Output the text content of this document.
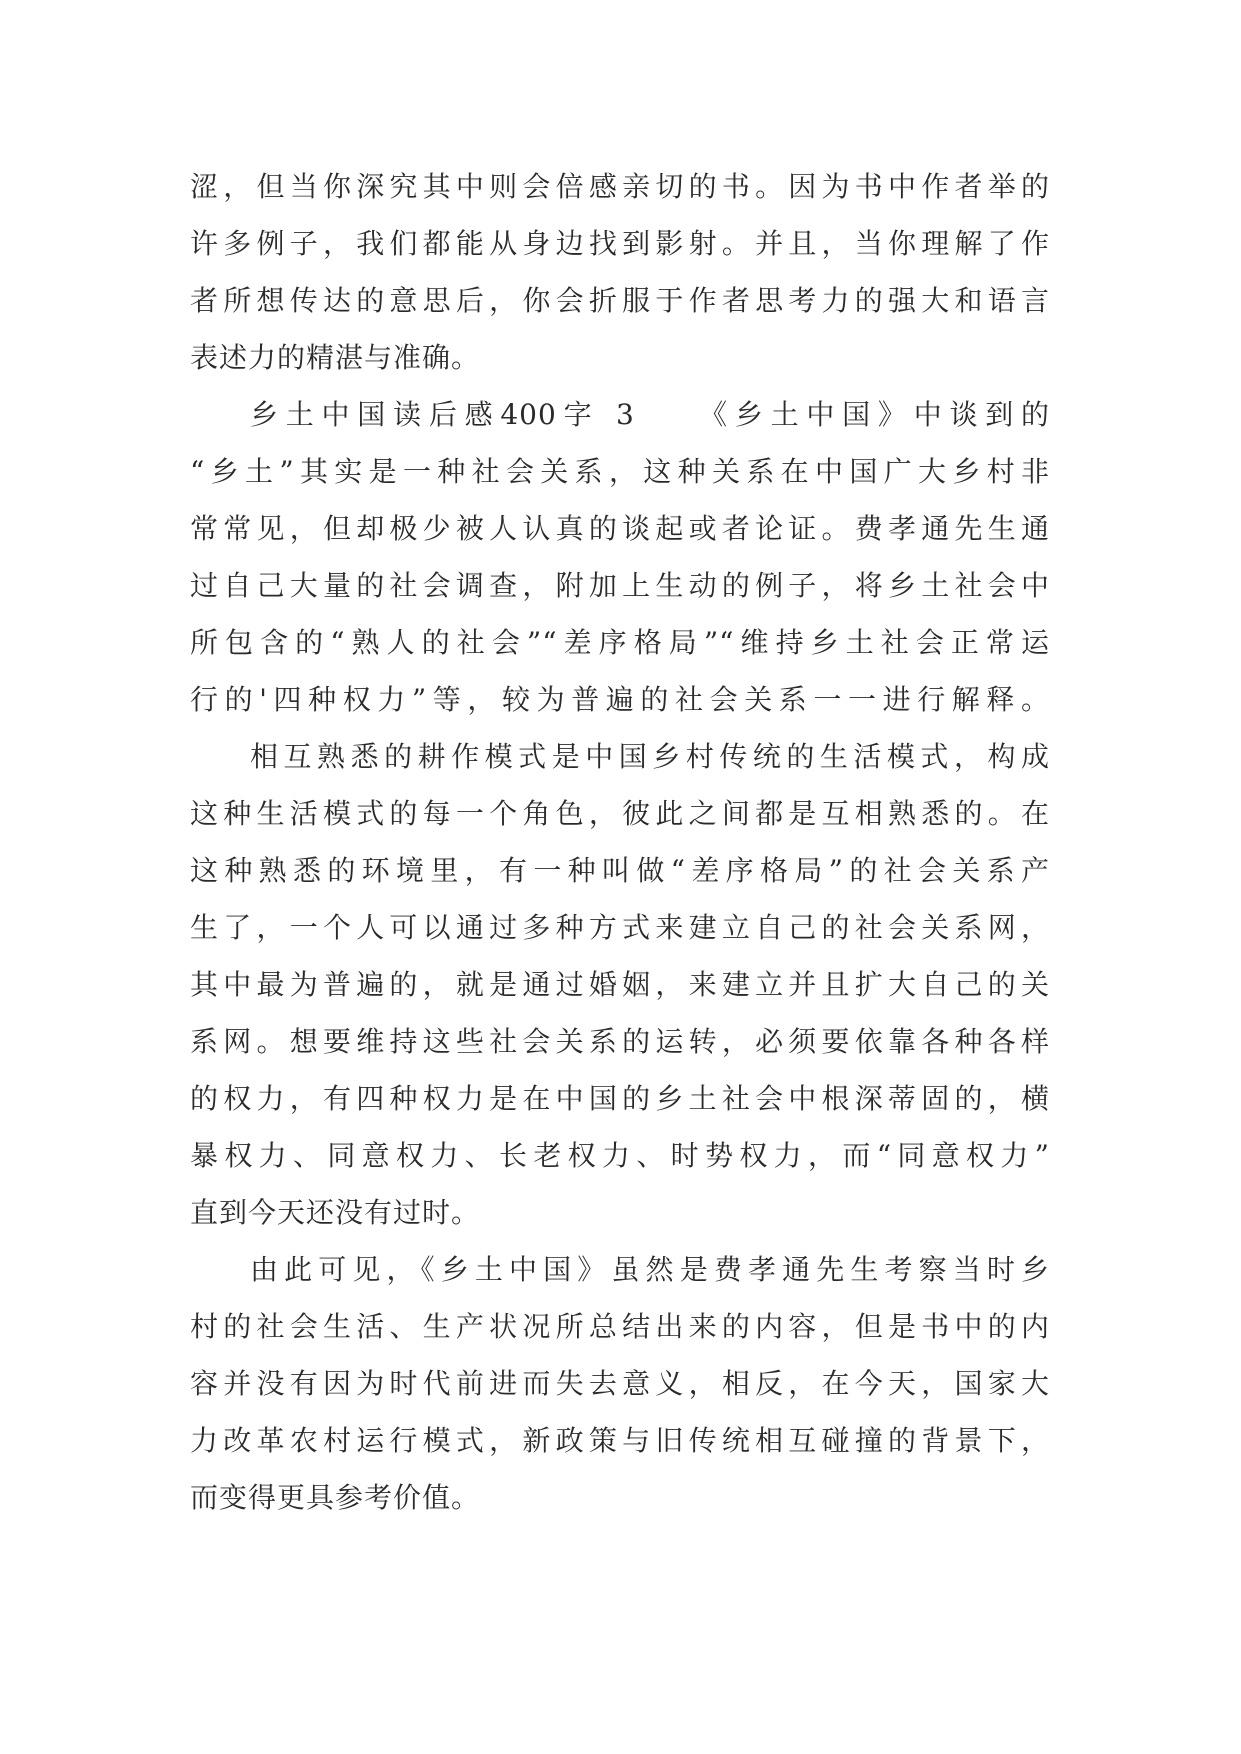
涩，但当你深究其中则会倍感亲切的书。因为书中作者举的
许多例子，我们都能从身边找到影射。并且，当你理解了作
者所想传达的意思后，你会折服于作者思考力的强大和语言
表述力的精湛与准确。
乡土中国读后感400字 3　　《乡土中国》中谈到的
“乡土”其实是一种社会关系，这种关系在中国广大乡村非
常常见，但却极少被人认真的谈起或者论证。费孝通先生通
过自己大量的社会调查，附加上生动的例子，将乡土社会中
所包含的“熟人的社会”“差序格局”“维持乡土社会正常运
行的'四种权力”等，较为普遍的社会关系一一进行解释。
相互熟悉的耕作模式是中国乡村传统的生活模式，构成
这种生活模式的每一个角色，彼此之间都是互相熟悉的。在
这种熟悉的环境里，有一种叫做“差序格局”的社会关系产
生了，一个人可以通过多种方式来建立自己的社会关系网，
其中最为普遍的，就是通过婚姻，来建立并且扩大自己的关
系网。想要维持这些社会关系的运转，必须要依靠各种各样
的权力，有四种权力是在中国的乡土社会中根深蒂固的，横
暴权力、同意权力、长老权力、时势权力，而“同意权力”
直到今天还没有过时。
由此可见，《乡土中国》虽然是费孝通先生考察当时乡
村的社会生活、生产状况所总结出来的内容，但是书中的内
容并没有因为时代前进而失去意义，相反，在今天，国家大
力改革农村运行模式，新政策与旧传统相互碰撞的背景下，
而变得更具参考价值。
